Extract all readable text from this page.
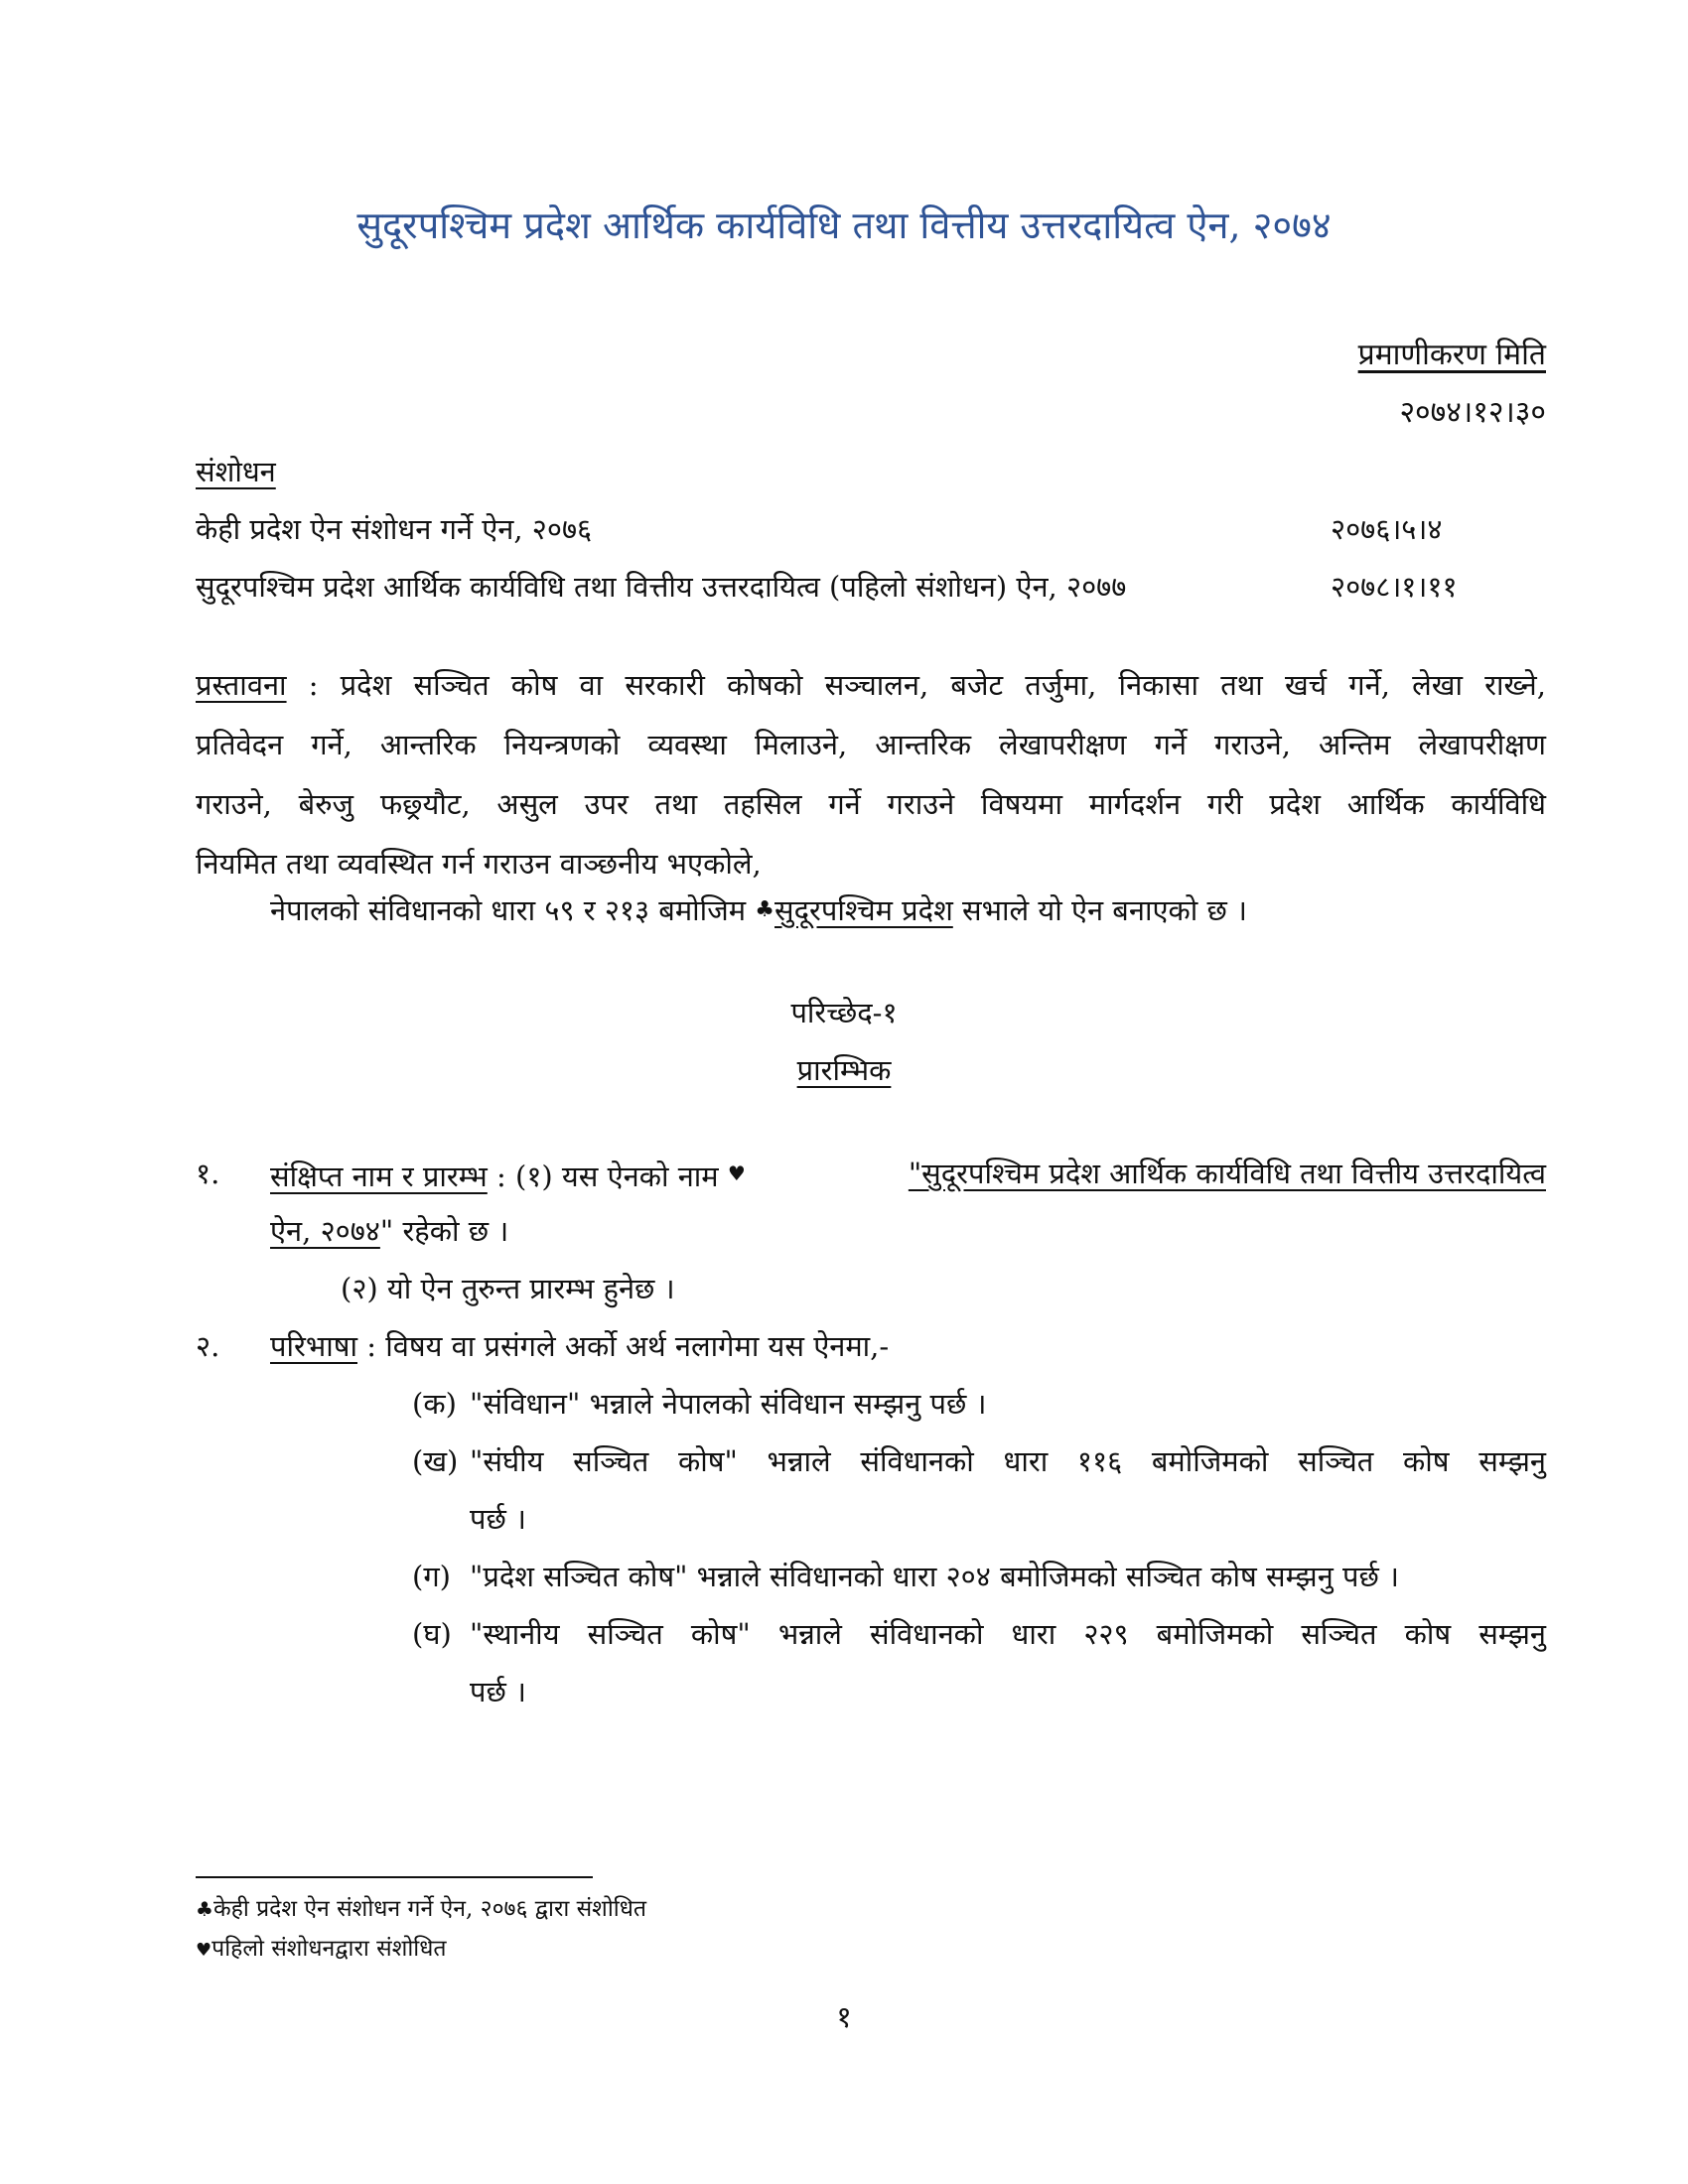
सुदूरपश्चिम प्रदेश आर्थिक कार्यविधि तथा वित्तीय उत्तरदायित्व ऐन, २०७४
प्रमाणीकरण मिति
२०७४।१२।३०
संशोधन
केही प्रदेश ऐन संशोधन गर्ने ऐन, २०७६	२०७६।५।४
सुदूरपश्चिम प्रदेश आर्थिक कार्यविधि तथा वित्तीय उत्तरदायित्व (पहिलो संशोधन) ऐन, २०७७	२०७८।१।११
प्रस्तावना : प्रदेश सञ्चित कोष वा सरकारी कोषको सञ्चालन, बजेट तर्जुमा, निकासा तथा खर्च गर्ने, लेखा राख्ने,
प्रतिवेदन गर्ने, आन्तरिक नियन्त्रणको व्यवस्था मिलाउने, आन्तरिक लेखापरीक्षण गर्ने गराउने, अन्तिम लेखापरीक्षण
गराउने, बेरुजु फछ्र्यौट, असुल उपर तथा तहसिल गर्ने गराउने विषयमा मार्गदर्शन गरी प्रदेश आर्थिक कार्यविधि
नियमित तथा व्यवस्थित गर्न गराउन वाञ्छनीय भएकोले,
नेपालको संविधानको धारा ५९ र २१३ बमोजिम ♣सुदूरपश्चिम प्रदेश सभाले यो ऐन बनाएको छ ।
परिच्छेद-१
प्रारम्भिक
१. संक्षिप्त नाम र प्रारम्भ : (१) यस ऐनको नाम ♥	"सुदूरपश्चिम प्रदेश आर्थिक कार्यविधि तथा वित्तीय उत्तरदायित्व
ऐन, २०७४" रहेको छ ।
(२) यो ऐन तुरुन्त प्रारम्भ हुनेछ ।
२. परिभाषा : विषय वा प्रसंगले अर्को अर्थ नलागेमा यस ऐनमा,-
(क) "संविधान" भन्नाले नेपालको संविधान सम्झनु पर्छ ।
(ख) "संघीय सञ्चित कोष" भन्नाले संविधानको धारा ११६ बमोजिमको सञ्चित कोष सम्झनु
पर्छ ।
(ग) "प्रदेश सञ्चित कोष" भन्नाले संविधानको धारा २०४ बमोजिमको सञ्चित कोष सम्झनु पर्छ ।
(घ) "स्थानीय सञ्चित कोष" भन्नाले संविधानको धारा २२९ बमोजिमको सञ्चित कोष सम्झनु
पर्छ ।
♣केही प्रदेश ऐन संशोधन गर्ने ऐन, २०७६ द्वारा संशोधित
♥पहिलो संशोधनद्वारा संशोधित
१
